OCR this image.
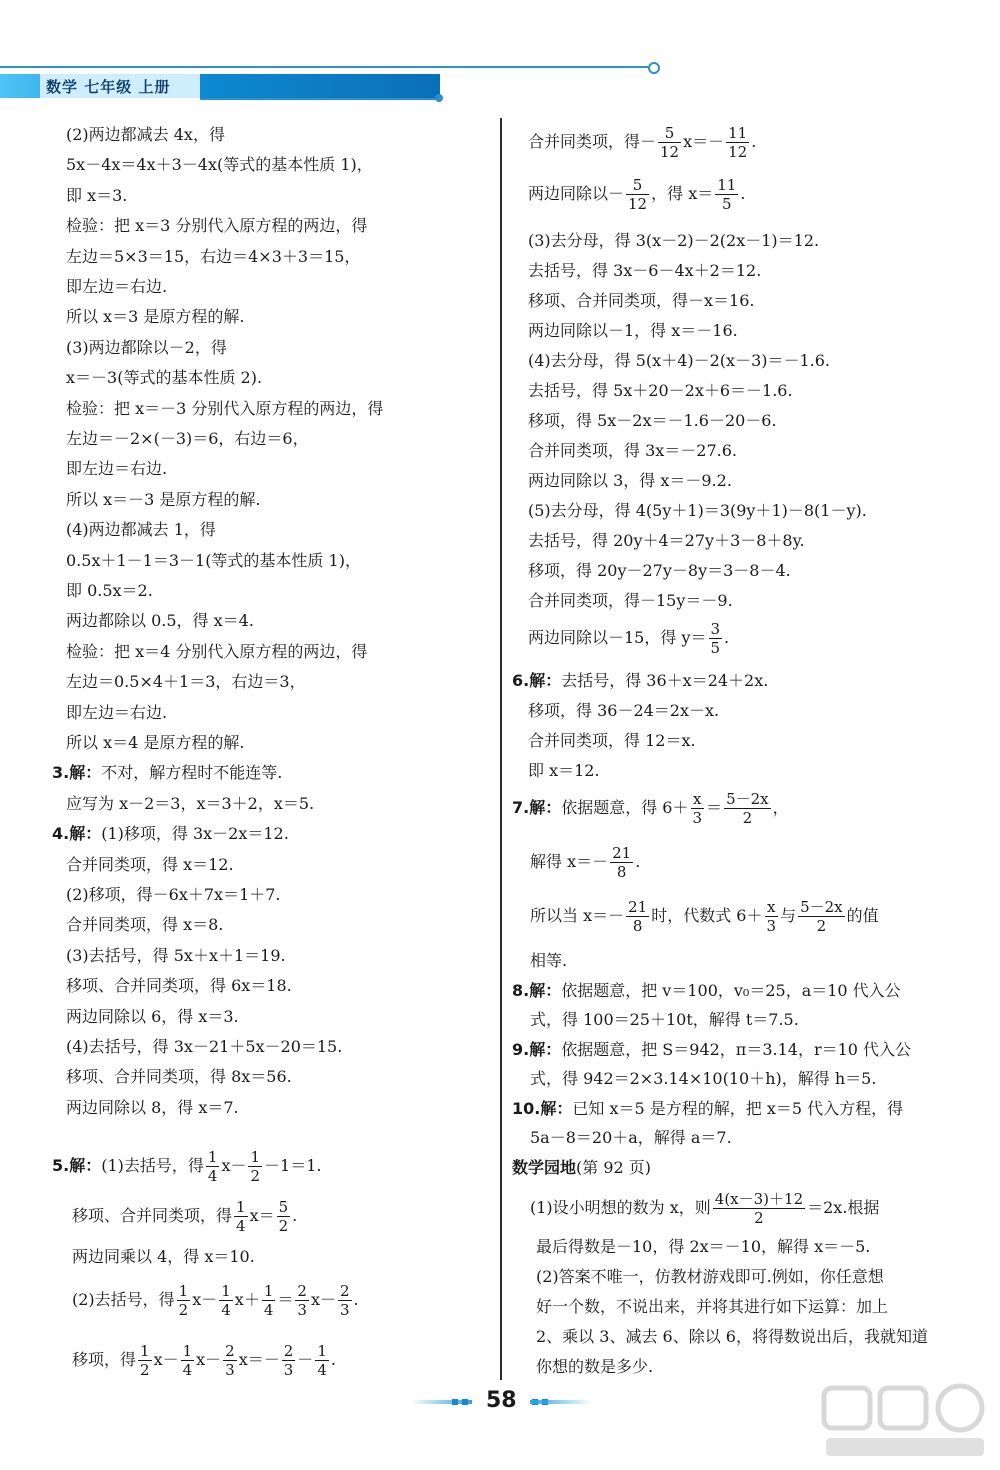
数学 七年级 上册
(2)两边都减去 4x，得
5x－4x＝4x＋3－4x(等式的基本性质 1)，
即 x＝3.
检验：把 x＝3 分别代入原方程的两边，得
左边＝5×3＝15，右边＝4×3＋3＝15，
即左边＝右边.
所以 x＝3 是原方程的解.
(3)两边都除以－2，得
x＝－3(等式的基本性质 2).
检验：把 x＝－3 分别代入原方程的两边，得
左边＝－2×(－3)＝6，右边＝6，
即左边＝右边.
所以 x＝－3 是原方程的解.
(4)两边都减去 1，得
0.5x＋1－1＝3－1(等式的基本性质 1)，
即 0.5x＝2.
两边都除以 0.5，得 x＝4.
检验：把 x＝4 分别代入原方程的两边，得
左边＝0.5×4＋1＝3，右边＝3，
即左边＝右边.
所以 x＝4 是原方程的解.
3.解：不对，解方程时不能连等.
应写为 x－2＝3，x＝3＋2，x＝5.
4.解：(1)移项，得 3x－2x＝12.
合并同类项，得 x＝12.
(2)移项，得－6x＋7x＝1＋7.
合并同类项，得 x＝8.
(3)去括号，得 5x＋x＋1＝19.
移项、合并同类项，得 6x＝18.
两边同除以 6，得 x＝3.
(4)去括号，得 3x－21＋5x－20＝15.
移项、合并同类项，得 8x＝56.
两边同除以 8，得 x＝7.
5.解：(1)去括号，得 $\frac{1}{4} x- \frac{1}{2} -1=1$.
移项、合并同类项，得 $\frac{1}{4} x= \frac{5}{2}$ .
两边同乘以 4，得 x＝10.
(2)去括号，得 $\frac{1}{2} x- \frac{1}{4} x+ \frac{1}{4} = \frac{2}{3} x- \frac{2}{3}$ .
移项，得 $\frac{1}{2} x- \frac{1}{4} x- \frac{2}{3} x=- \frac{2}{3} - \frac{1}{4}$ .
合并同类项，得－ $\frac{5}{12} x=- \frac{11}{12}$ .
两边同除以－ $\frac{5}{12}$ ，得 $x= \frac{11}{5}$ .
(3)去分母，得 3(x－2)－2(2x－1)＝12.
去括号，得 3x－6－4x＋2＝12.
移项、合并同类项，得－x＝16.
两边同除以－1，得 x＝－16.
(4)去分母，得 5(x＋4)－2(x－3)＝－1.6.
去括号，得 5x＋20－2x＋6＝－1.6.
移项，得 5x－2x＝－1.6－20－6.
合并同类项，得 3x＝－27.6.
两边同除以 3，得 x＝－9.2.
(5)去分母，得 4(5y＋1)＝3(9y＋1)－8(1－y).
去括号，得 20y＋4＝27y＋3－8＋8y.
移项，得 20y－27y－8y＝3－8－4.
合并同类项，得－15y＝－9.
两边同除以－15，得 $y= \frac{3}{5}$ .
6.解：去括号，得 36＋x＝24＋2x.
移项，得 36－24＝2x－x.
合并同类项，得 12＝x.
即 x＝12.
7.解：依据题意，得 $6+ \frac{x}{3} = \frac{5-2x}{2}$ ，
解得 $x=- \frac{21}{8}$ .
所以当 $x=- \frac{21}{8}$ 时，代数式 $6+ \frac{x}{3}$ 与 $\frac{5-2x}{2}$ 的值
相等.
8.解：依据题意，把 v＝100，v₀＝25，a＝10 代入公
式，得 100＝25＋10t，解得 t＝7.5.
9.解：依据题意，把 S＝942，π＝3.14，r＝10 代入公
式，得 942＝2×3.14×10(10＋h)，解得 h＝5.
10.解：已知 x＝5 是方程的解，把 x＝5 代入方程，得
5a－8＝20＋a，解得 a＝7.
数学园地(第 92 页)
(1)设小明想的数为 x，则 $\frac{4(x-3)+12}{2} =2x$.根据
最后得数是－10，得 2x＝－10，解得 x＝－5.
(2)答案不唯一，仿教材游戏即可.例如，你任意想
好一个数，不说出来，并将其进行如下运算：加上
2、乘以 3、减去 6、除以 6，将得数说出后，我就知道
你想的数是多少.
58
